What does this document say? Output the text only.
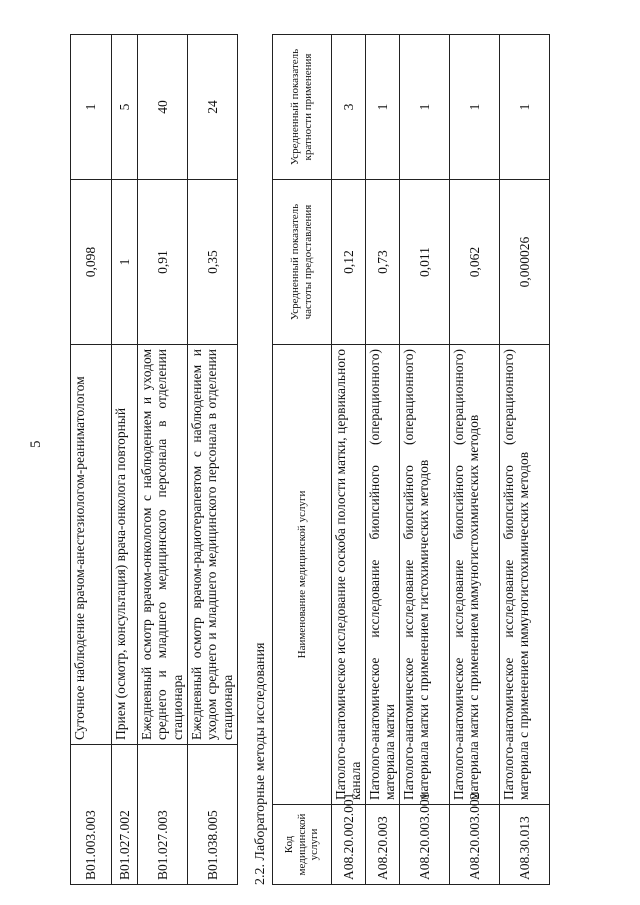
5
B01.003.003	Суточное наблюдение врачом-анестезиологом-реаниматологом	0,098	1
B01.027.002	Прием (осмотр, консультация) врача-онколога повторный	1	5
B01.027.003	Ежедневный осмотр врачом-онкологом с наблюдением и уходом среднего и младшего медицинского персонала в отделении стационара	0,91	40
B01.038.005	Ежедневный осмотр врачом-радиотерапевтом с наблюдением и уходом среднего и младшего медицинского персонала в отделении стационара	0,35	24
2.2. Лабораторные методы исследования	Код медицинской услуги	Наименование медицинской услуги	Усредненный показатель частоты предоставления	Усредненный показатель кратности применения
A08.20.002.001	Патолого-анатомическое исследование соскоба полости матки, цервикального канала	0,12	3
A08.20.003	Патолого-анатомическое исследование биопсийного (операционного) материала матки	0,73	1
A08.20.003.001	Патолого-анатомическое исследование биопсийного (операционного) материала матки с применением гистохимических методов	0,011	1
A08.20.003.002	Патолого-анатомическое исследование биопсийного (операционного) материала матки с применением иммуногистохимических методов	0,062	1
A08.30.013	Патолого-анатомическое исследование биопсийного (операционного) материала с применением иммуногистохимических методов	0,000026	1
